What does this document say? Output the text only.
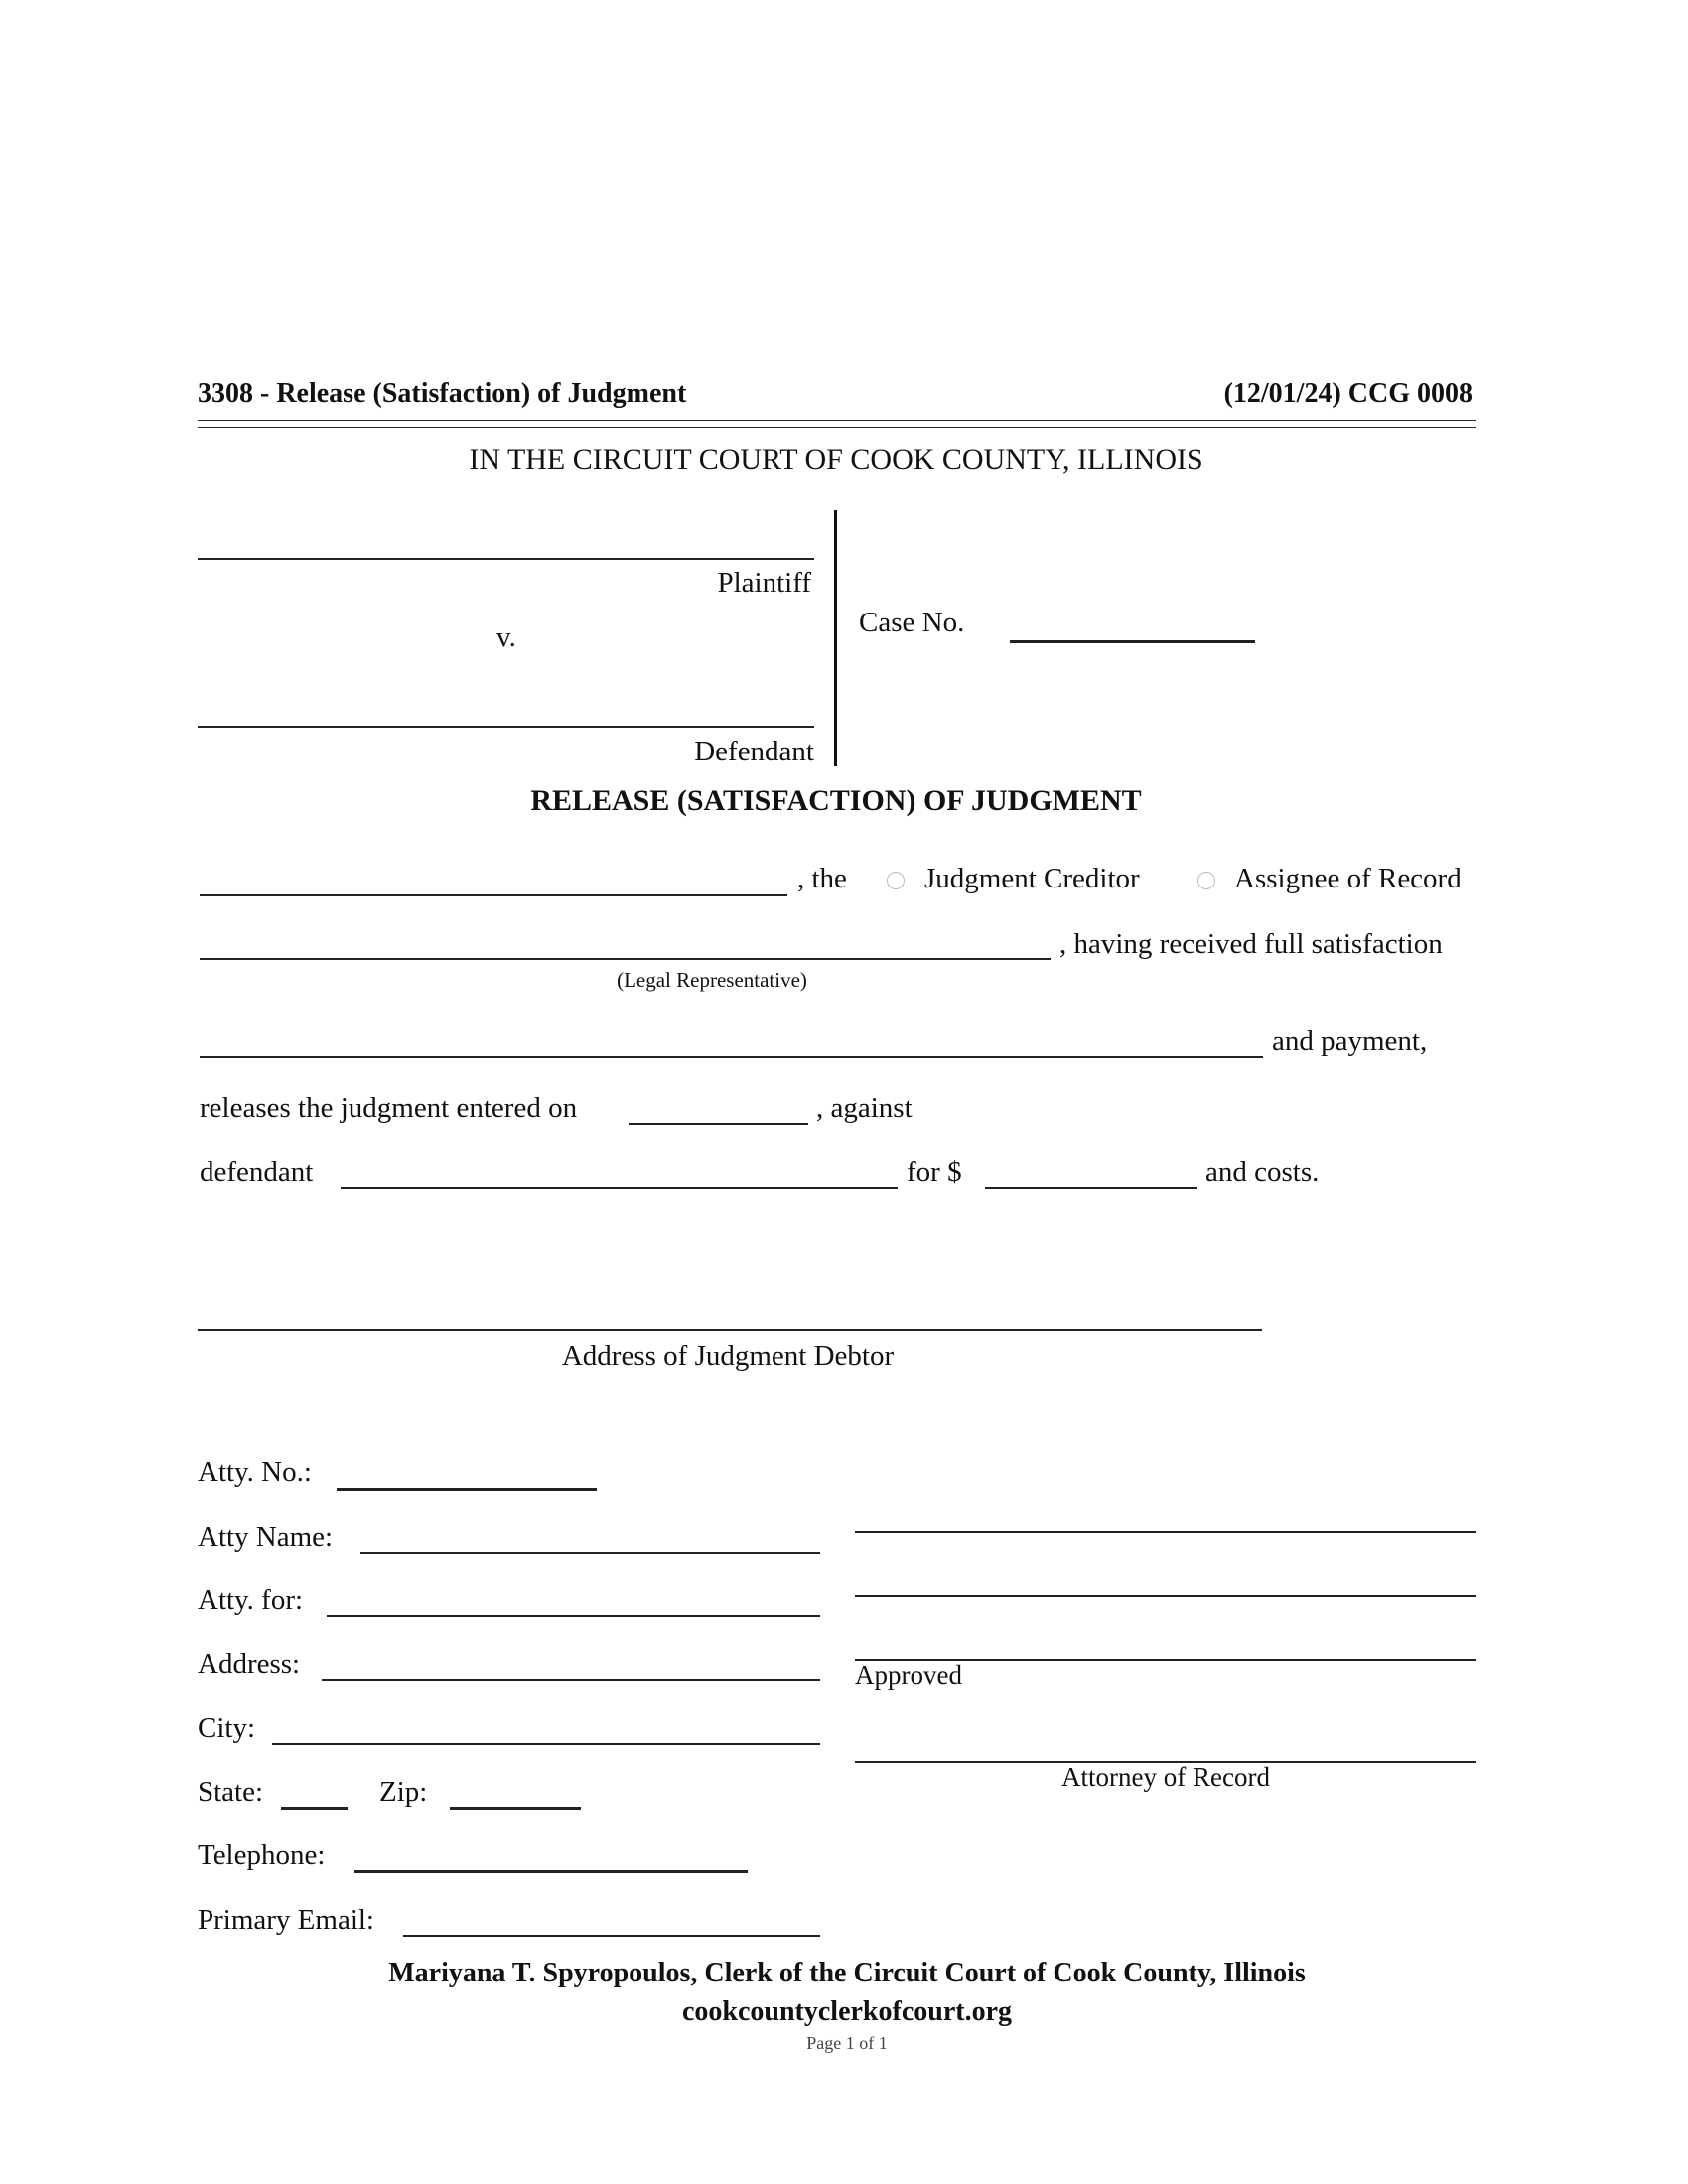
3308 - Release (Satisfaction) of Judgment	(12/01/24) CCG 0008
IN THE CIRCUIT COURT OF COOK COUNTY, ILLINOIS
Plaintiff
v.
Defendant
Case No.
RELEASE (SATISFACTION) OF JUDGMENT
, the	Judgment Creditor	Assignee of Record
, having received full satisfaction
(Legal Representative)
and payment,
releases the judgment entered on	, against
defendant	for $	and costs.
Address of Judgment Debtor
Atty. No.:
Atty Name:
Atty. for:
Address:
City:
State:	Zip:
Telephone:
Primary Email:
Approved
Attorney of Record
Mariyana T. Spyropoulos, Clerk of the Circuit Court of Cook County, Illinois
cookcountyclerkofcourt.org
Page 1 of 1
